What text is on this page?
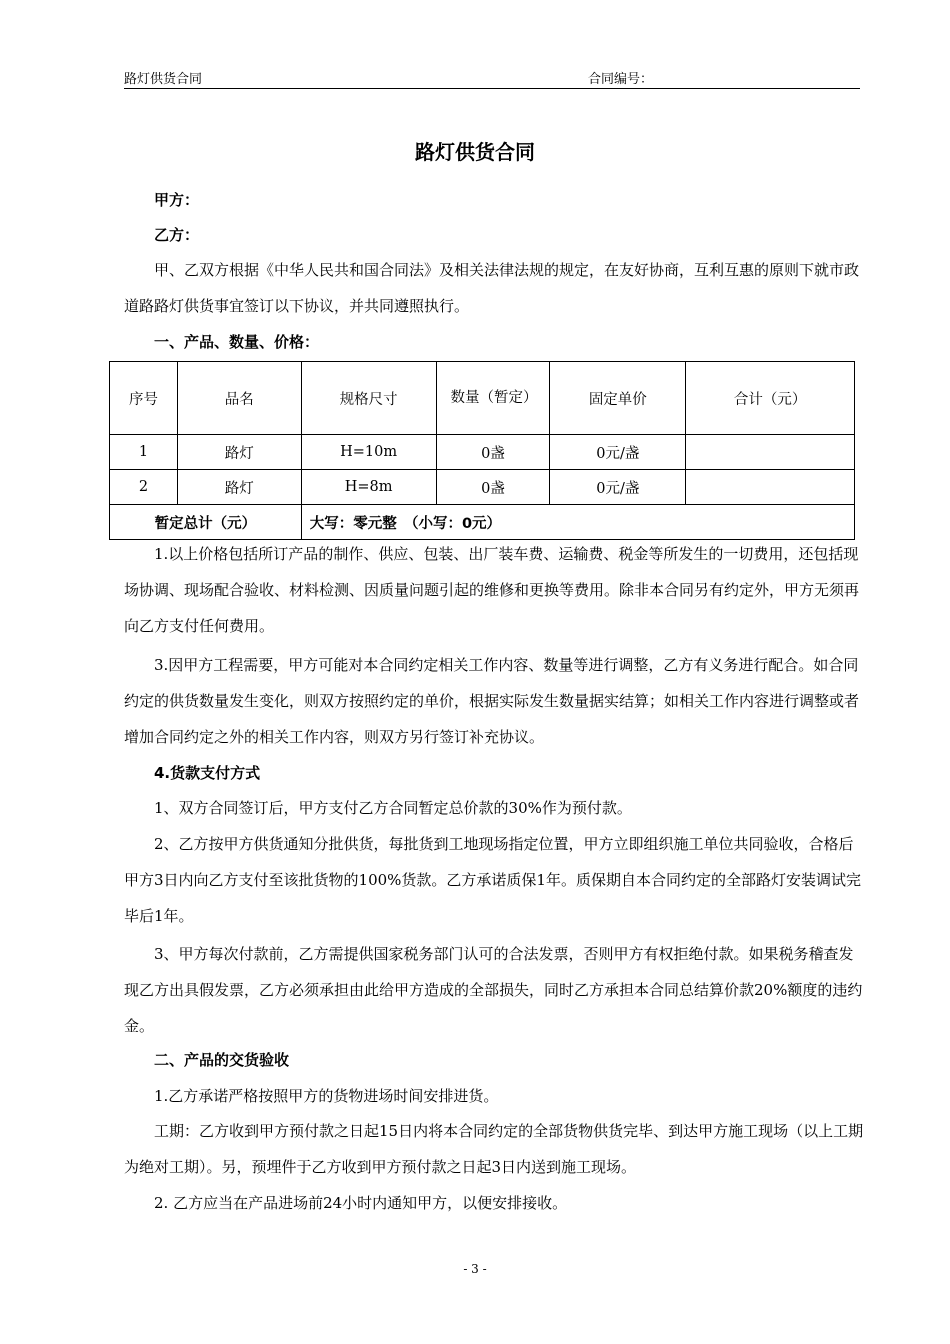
路灯供货合同	合同编号：
路灯供货合同

甲方：

乙方：

甲、乙双方根据《中华人民共和国合同法》及相关法律法规的规定，在友好协商，互利互惠的原则下就市政道路路灯供货事宜签订以下协议，并共同遵照执行。

一、产品、数量、价格：

序号	品名	规格尺寸	数量（暂定）	固定单价	合计（元）
1	路灯	H=10m	0盏	0元/盏	
2	路灯	H=8m	0盏	0元/盏	
暂定总计（元）		大写：零元整　（小写：0元）			

1.以上价格包括所订产品的制作、供应、包装、出厂装车费、运输费、税金等所发生的一切费用，还包括现场协调、现场配合验收、材料检测、因质量问题引起的维修和更换等费用。除非本合同另有约定外，甲方无须再向乙方支付任何费用。

3.因甲方工程需要，甲方可能对本合同约定相关工作内容、数量等进行调整，乙方有义务进行配合。如合同约定的供货数量发生变化，则双方按照约定的单价，根据实际发生数量据实结算；如相关工作内容进行调整或者增加合同约定之外的相关工作内容，则双方另行签订补充协议。

4.货款支付方式

1、双方合同签订后，甲方支付乙方合同暂定总价款的30%作为预付款。

2、乙方按甲方供货通知分批供货，每批货到工地现场指定位置，甲方立即组织施工单位共同验收，合格后甲方3日内向乙方支付至该批货物的100%货款。乙方承诺质保1年。质保期自本合同约定的全部路灯安装调试完毕后1年。

3、甲方每次付款前，乙方需提供国家税务部门认可的合法发票，否则甲方有权拒绝付款。如果税务稽查发现乙方出具假发票，乙方必须承担由此给甲方造成的全部损失，同时乙方承担本合同总结算价款20%额度的违约金。

二、产品的交货验收

1.乙方承诺严格按照甲方的货物进场时间安排进货。

工期：乙方收到甲方预付款之日起15日内将本合同约定的全部货物供货完毕、到达甲方施工现场（以上工期为绝对工期）。另，预埋件于乙方收到甲方预付款之日起3日内送到施工现场。

2. 乙方应当在产品进场前24小时内通知甲方，以便安排接收。

- 3 -
